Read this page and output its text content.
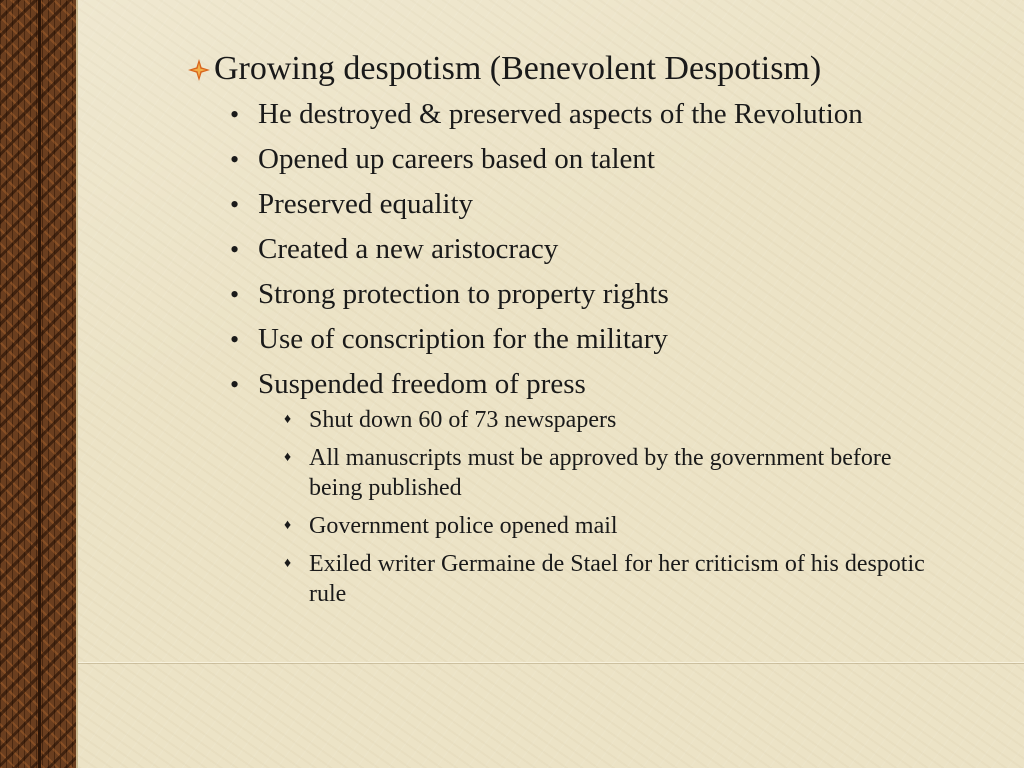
Growing despotism (Benevolent Despotism)
• He destroyed & preserved aspects of the Revolution
• Opened up careers based on talent
• Preserved equality
• Created a new aristocracy
• Strong protection to property rights
• Use of conscription for the military
• Suspended freedom of press
♦ Shut down 60 of 73 newspapers
♦ All manuscripts must be approved by the government before being published
♦ Government police opened mail
♦ Exiled writer Germaine de Stael for her criticism of his despotic rule
